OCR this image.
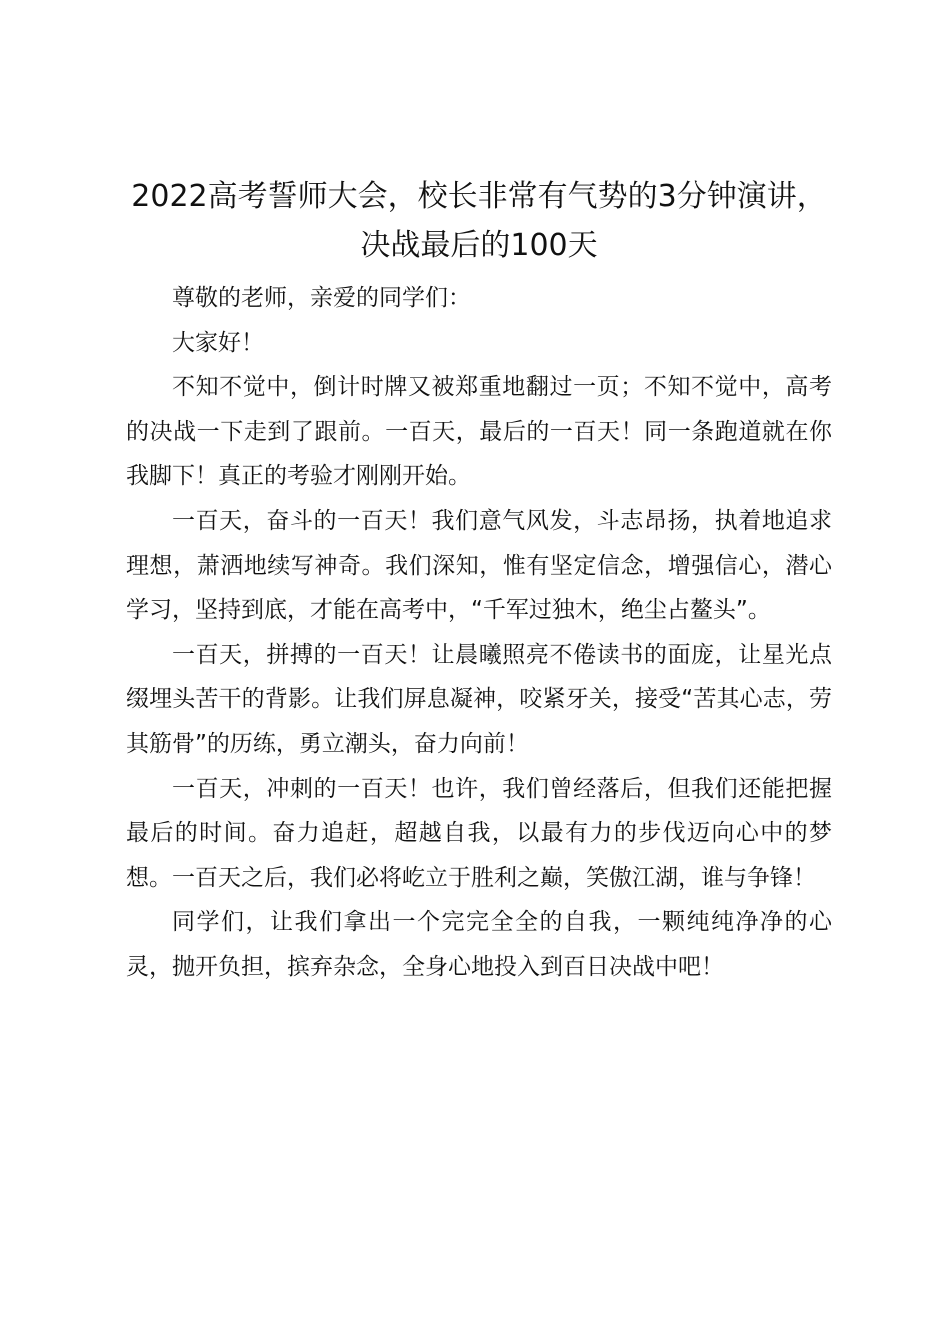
2022高考誓师大会，校长非常有气势的3分钟演讲，决战最后的100天

尊敬的老师，亲爱的同学们：

大家好！

不知不觉中，倒计时牌又被郑重地翻过一页；不知不觉中，高考的决战一下走到了跟前。一百天，最后的一百天！同一条跑道就在你我脚下！真正的考验才刚刚开始。

一百天，奋斗的一百天！我们意气风发，斗志昂扬，执着地追求理想，萧洒地续写神奇。我们深知，惟有坚定信念，增强信心，潜心学习，坚持到底，才能在高考中，“千军过独木，绝尘占鳌头”。

一百天，拼搏的一百天！让晨曦照亮不倦读书的面庞，让星光点缀埋头苦干的背影。让我们屏息凝神，咬紧牙关，接受“苦其心志，劳其筋骨”的历练，勇立潮头，奋力向前！

一百天，冲刺的一百天！也许，我们曾经落后，但我们还能把握最后的时间。奋力追赶，超越自我，以最有力的步伐迈向心中的梦想。一百天之后，我们必将屹立于胜利之巅，笑傲江湖，谁与争锋！

同学们，让我们拿出一个完完全全的自我，一颗纯纯净净的心灵，抛开负担，摈弃杂念，全身心地投入到百日决战中吧！
